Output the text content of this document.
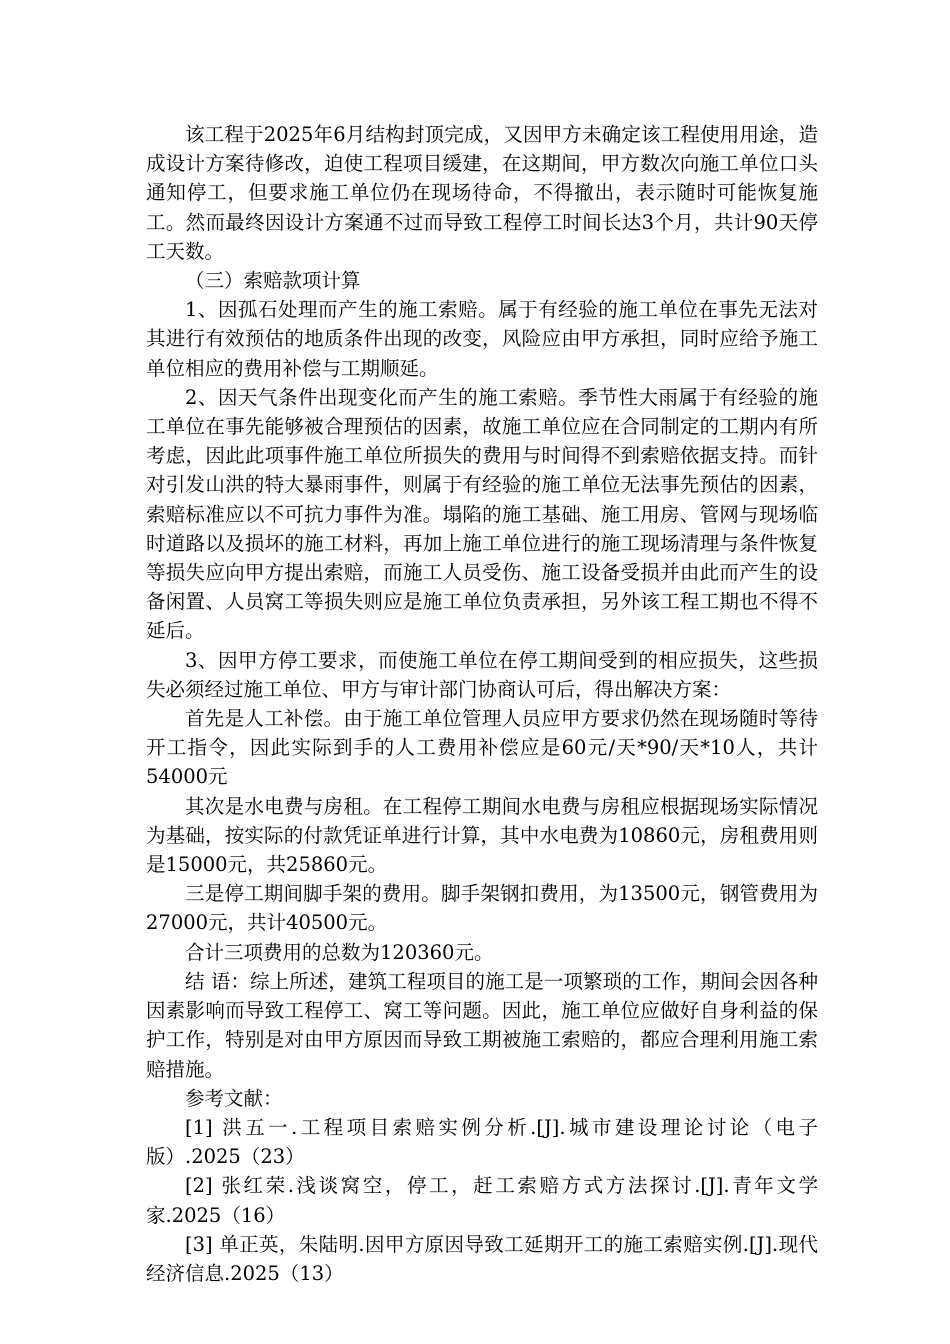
该工程于2025年6月结构封顶完成，又因甲方未确定该工程使用用途，造成设计方案待修改，迫使工程项目缓建，在这期间，甲方数次向施工单位口头通知停工，但要求施工单位仍在现场待命，不得撤出，表示随时可能恢复施工。然而最终因设计方案通不过而导致工程停工时间长达3个月，共计90天停工天数。

（三）索赔款项计算

1、因孤石处理而产生的施工索赔。属于有经验的施工单位在事先无法对其进行有效预估的地质条件出现的改变，风险应由甲方承担，同时应给予施工单位相应的费用补偿与工期顺延。

2、因天气条件出现变化而产生的施工索赔。季节性大雨属于有经验的施工单位在事先能够被合理预估的因素，故施工单位应在合同制定的工期内有所考虑，因此此项事件施工单位所损失的费用与时间得不到索赔依据支持。而针对引发山洪的特大暴雨事件，则属于有经验的施工单位无法事先预估的因素，索赔标准应以不可抗力事件为准。塌陷的施工基础、施工用房、管网与现场临时道路以及损坏的施工材料，再加上施工单位进行的施工现场清理与条件恢复等损失应向甲方提出索赔，而施工人员受伤、施工设备受损并由此而产生的设备闲置、人员窝工等损失则应是施工单位负责承担，另外该工程工期也不得不延后。

3、因甲方停工要求，而使施工单位在停工期间受到的相应损失，这些损失必须经过施工单位、甲方与审计部门协商认可后，得出解决方案：

首先是人工补偿。由于施工单位管理人员应甲方要求仍然在现场随时等待开工指令，因此实际到手的人工费用补偿应是60元/天*90/天*10人，共计54000元

其次是水电费与房租。在工程停工期间水电费与房租应根据现场实际情况为基础，按实际的付款凭证单进行计算，其中水电费为10860元，房租费用则是15000元，共25860元。

三是停工期间脚手架的费用。脚手架钢扣费用，为13500元，钢管费用为27000元，共计40500元。

合计三项费用的总数为120360元。

结 语：综上所述，建筑工程项目的施工是一项繁琐的工作，期间会因各种因素影响而导致工程停工、窝工等问题。因此，施工单位应做好自身利益的保护工作，特别是对由甲方原因而导致工期被施工索赔的，都应合理利用施工索赔措施。

参考文献：

[1] 洪五一.工程项目索赔实例分析.[J].城市建设理论讨论（电子版）.2025（23）

[2] 张红荣.浅谈窝空，停工，赶工索赔方式方法探讨.[J].青年文学家.2025（16）

[3] 单正英，朱陆明.因甲方原因导致工延期开工的施工索赔实例.[J].现代经济信息.2025（13）
